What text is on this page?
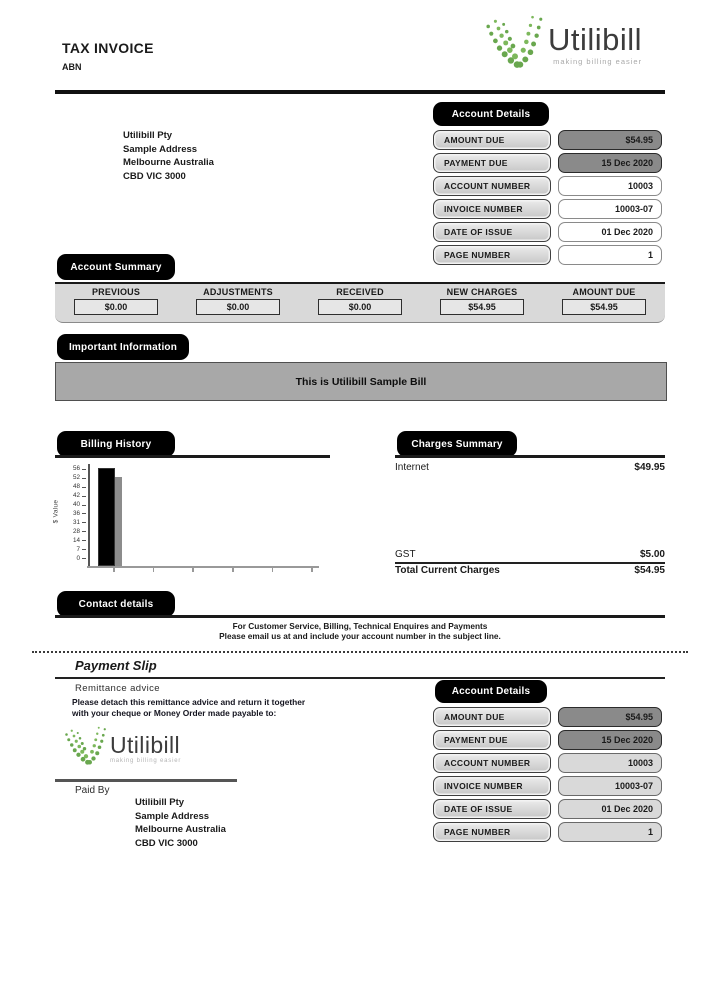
TAX INVOICE
ABN
Utilibill
making billing easier
Account Details
AMOUNT DUE	$54.95
PAYMENT DUE	15 Dec 2020
ACCOUNT NUMBER	10003
INVOICE NUMBER	10003-07
DATE OF ISSUE	01 Dec 2020
PAGE NUMBER	1
Utilibill Pty
Sample Address
Melbourne Australia
CBD VIC 3000
Account Summary
PREVIOUS
$0.00
ADJUSTMENTS
$0.00
RECEIVED
$0.00
NEW CHARGES
$54.95
AMOUNT DUE
$54.95
Important Information
This is Utilibill Sample Bill
Billing History
$ Value
56
52
48
42
40
36
31
28
14
7
0
Charges Summary
Internet	$49.95
GST	$5.00
Total Current Charges	$54.95
Contact details
For Customer Service, Billing, Technical Enquires and Payments
Please email us at and include your account number in the subject line.
Payment Slip
Remittance advice
Please detach this remittance advice and return it together
with your cheque or Money Order made payable to:
Utilibill
making billing easier
Paid By
Utilibill Pty
Sample Address
Melbourne Australia
CBD VIC 3000
Account Details
AMOUNT DUE	$54.95
PAYMENT DUE	15 Dec 2020
ACCOUNT NUMBER	10003
INVOICE NUMBER	10003-07
DATE OF ISSUE	01 Dec 2020
PAGE NUMBER	1
